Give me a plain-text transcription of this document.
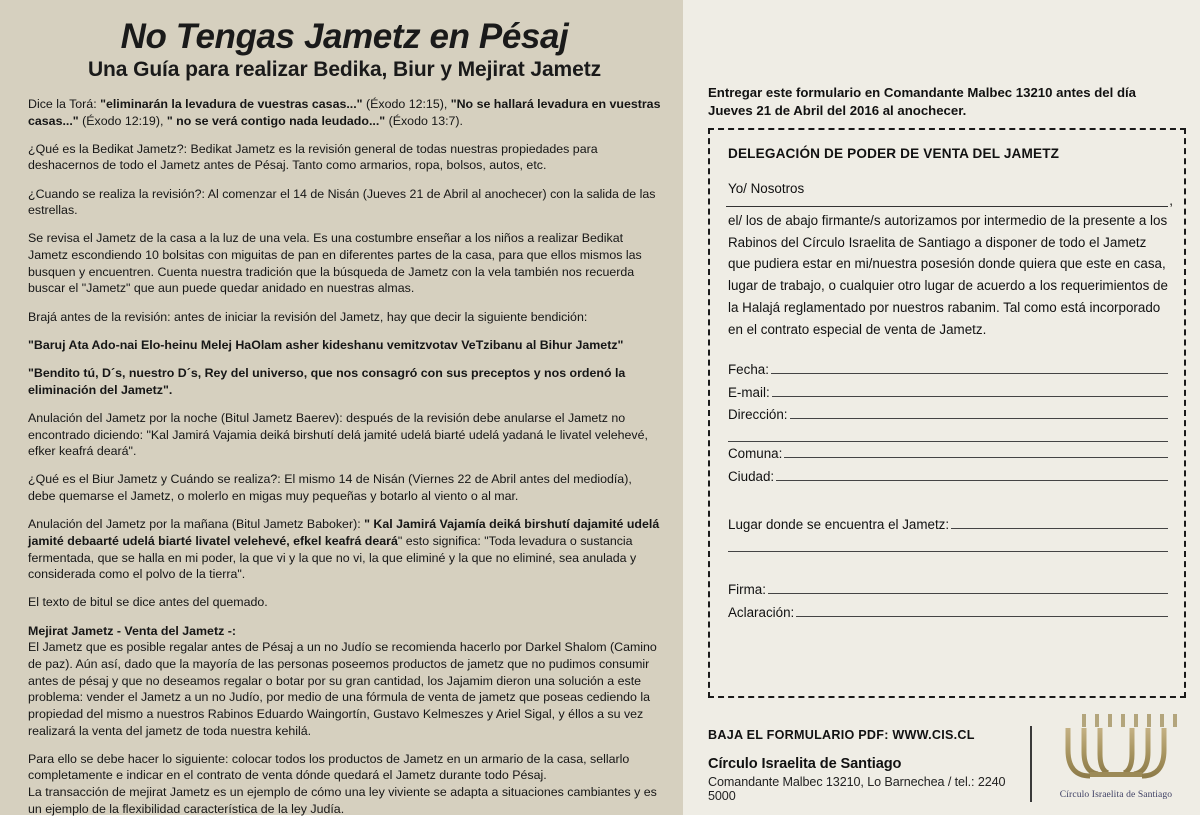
No Tengas Jametz en Pésaj
Una Guía para realizar Bedika, Biur y Mejirat Jametz

Dice la Torá: "eliminarán la levadura de vuestras casas..." (Éxodo 12:15), "No se hallará levadura en vuestras casas..." (Éxodo 12:19), " no se verá contigo nada leudado..." (Éxodo 13:7).

¿Qué es la Bedikat Jametz?: Bedikat Jametz es la revisión general de todas nuestras propiedades para deshacernos de todo el Jametz antes de Pésaj. Tanto como armarios, ropa, bolsos, autos, etc.

¿Cuando se realiza la revisión?: Al comenzar el 14 de Nisán (Jueves 21 de Abril al anochecer) con la salida de las estrellas.

Se revisa el Jametz de la casa a la luz de una vela. Es una costumbre enseñar a los niños a realizar Bedikat Jametz escondiendo 10 bolsitas con miguitas de pan en diferentes partes de la casa, para que ellos mismos las busquen y encuentren. Cuenta nuestra tradición que la búsqueda de Jametz con la vela también nos recuerda buscar el "Jametz" que aun puede quedar anidado en nuestras almas.

Brajá antes de la revisión: antes de iniciar la revisión del Jametz, hay que decir la siguiente bendición:

"Baruj Ata Ado-nai Elo-heinu Melej HaOlam asher kideshanu vemitzvotav VeTzibanu al Bihur Jametz"

"Bendito tú, D´s, nuestro D´s, Rey del universo, que nos consagró con sus preceptos y nos ordenó la eliminación del Jametz".

Anulación del Jametz por la noche (Bitul Jametz Baerev): después de la revisión debe anularse el Jametz no encontrado diciendo: "Kal Jamirá Vajamia deiká birshutí delá jamité udelá biarté udelá yadaná le livatel velehevé, efker keafrá deará".

¿Qué es el Biur Jametz y Cuándo se realiza?: El mismo 14 de Nisán (Viernes 22 de Abril antes del mediodía), debe quemarse el Jametz, o molerlo en migas muy pequeñas y botarlo al viento o al mar.

Anulación del Jametz por la mañana (Bitul Jametz Baboker): " Kal Jamirá Vajamía deiká birshutí dajamité udelá jamité debaarté udelá biarté livatel velehevé, efkel keafrá deará" esto significa: "Toda levadura o sustancia fermentada, que se halla en mi poder, la que vi y la que no vi, la que eliminé y la que no eliminé, sea anulada y considerada como el polvo de la tierra".

El texto de bitul se dice antes del quemado.

Mejirat Jametz - Venta del Jametz -:

El Jametz que es posible regalar antes de Pésaj a un no Judío se recomienda hacerlo por Darkel Shalom (Camino de paz). Aún así, dado que la mayoría de las personas poseemos productos de jametz que no pudimos consumir antes de pésaj y que no deseamos regalar o botar por su gran cantidad, los Jajamim dieron una solución a este problema: vender el Jametz a un no Judío, por medio de una fórmula de venta de jametz que poseas cediendo la propiedad del mismo a nuestros Rabinos Eduardo Waingortín, Gustavo Kelmeszes y Ariel Sigal, y éllos a su vez realizará la venta del jametz de toda nuestra kehilá.

Para ello se debe hacer lo siguiente: colocar todos los productos de Jametz en un armario de la casa, sellarlo completamente e indicar en el contrato de venta dónde quedará el Jametz durante todo Pésaj.

La transacción de mejirat Jametz es un ejemplo de cómo una ley viviente se adapta a situaciones cambiantes y es un ejemplo de la flexibilidad característica de la ley Judía.

Entregar este formulario en Comandante Malbec 13210 antes del día Jueves 21 de Abril del 2016 al anochecer.
DELEGACIÓN DE PODER DE VENTA DEL JAMETZ
Yo/ Nosotros
,
el/ los de abajo firmante/s autorizamos por intermedio de la presente a los Rabinos del Círculo Israelita de Santiago a disponer de todo el Jametz que pudiera estar en mi/nuestra posesión donde quiera que este en casa, lugar de trabajo, o cualquier otro lugar de acuerdo a los requerimientos de la Halajá reglamentado por nuestros rabanim. Tal como está incorporado en el contrato especial de venta de Jametz.
Fecha:
E-mail:
Dirección:
Comuna:
Ciudad:
Lugar donde se encuentra el Jametz:
Firma:
Aclaración:
BAJA EL FORMULARIO PDF: WWW.CIS.CL
Círculo Israelita de Santiago
Comandante Malbec 13210, Lo Barnechea / tel.: 2240 5000	Círculo Israelita de Santiago
